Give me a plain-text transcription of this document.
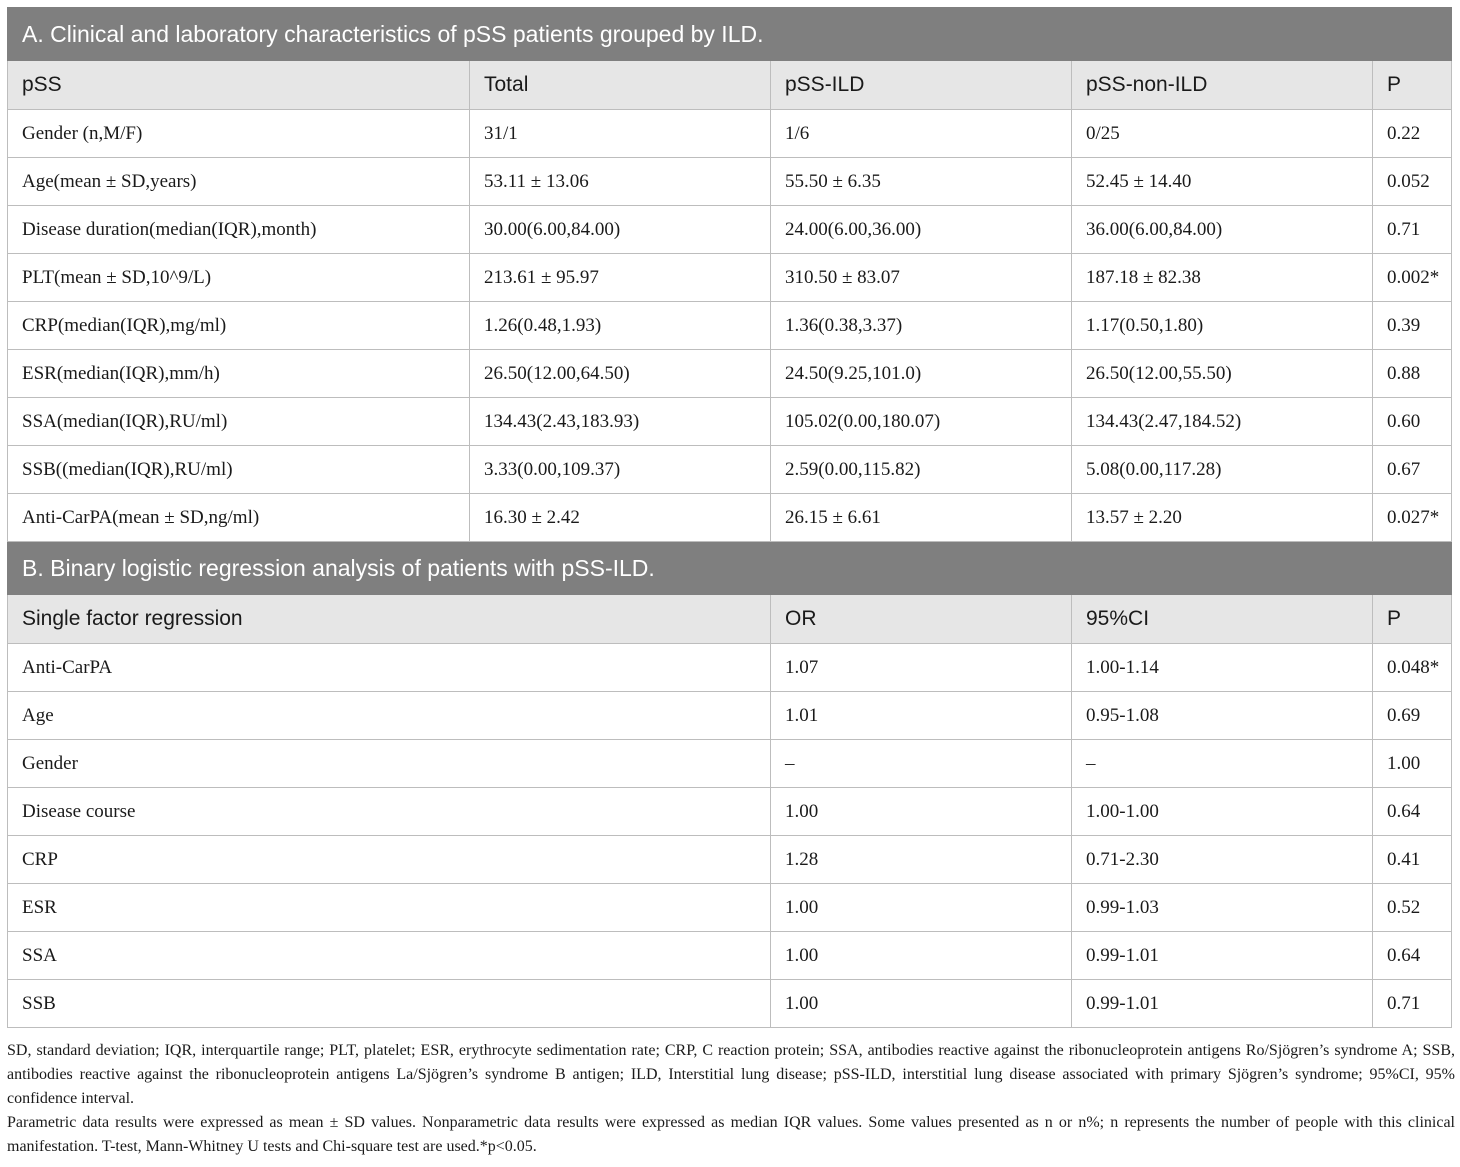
A. Clinical and laboratory characteristics of pSS patients grouped by ILD.				
pSS	Total	pSS-ILD	pSS-non-ILD	P
Gender (n,M/F)	31/1	1/6	0/25	0.22
Age(mean ± SD,years)	53.11 ± 13.06	55.50 ± 6.35	52.45 ± 14.40	0.052
Disease duration(median(IQR),month)	30.00(6.00,84.00)	24.00(6.00,36.00)	36.00(6.00,84.00)	0.71
PLT(mean ± SD,10^9/L)	213.61 ± 95.97	310.50 ± 83.07	187.18 ± 82.38	0.002*
CRP(median(IQR),mg/ml)	1.26(0.48,1.93)	1.36(0.38,3.37)	1.17(0.50,1.80)	0.39
ESR(median(IQR),mm/h)	26.50(12.00,64.50)	24.50(9.25,101.0)	26.50(12.00,55.50)	0.88
SSA(median(IQR),RU/ml)	134.43(2.43,183.93)	105.02(0.00,180.07)	134.43(2.47,184.52)	0.60
SSB((median(IQR),RU/ml)	3.33(0.00,109.37)	2.59(0.00,115.82)	5.08(0.00,117.28)	0.67
Anti-CarPA(mean ± SD,ng/ml)	16.30 ± 2.42	26.15 ± 6.61	13.57 ± 2.20	0.027*
B. Binary logistic regression analysis of patients with pSS-ILD.				
Single factor regression		OR	95%CI	P
Anti-CarPA		1.07	1.00-1.14	0.048*
Age		1.01	0.95-1.08	0.69
Gender		–	–	1.00
Disease course		1.00	1.00-1.00	0.64
CRP		1.28	0.71-2.30	0.41
ESR		1.00	0.99-1.03	0.52
SSA		1.00	0.99-1.01	0.64
SSB		1.00	0.99-1.01	0.71

SD, standard deviation; IQR, interquartile range; PLT, platelet; ESR, erythrocyte sedimentation rate; CRP, C reaction protein; SSA, antibodies reactive against the ribonucleoprotein antigens Ro/Sjögren’s syndrome A; SSB, antibodies reactive against the ribonucleoprotein antigens La/Sjögren’s syndrome B antigen; ILD, Interstitial lung disease; pSS-ILD, interstitial lung disease associated with primary Sjögren’s syndrome; 95%CI, 95% confidence interval.

Parametric data results were expressed as mean ± SD values. Nonparametric data results were expressed as median IQR values. Some values presented as n or n%; n represents the number of people with this clinical manifestation. T-test, Mann-Whitney U tests and Chi-square test are used.*p<0.05.
